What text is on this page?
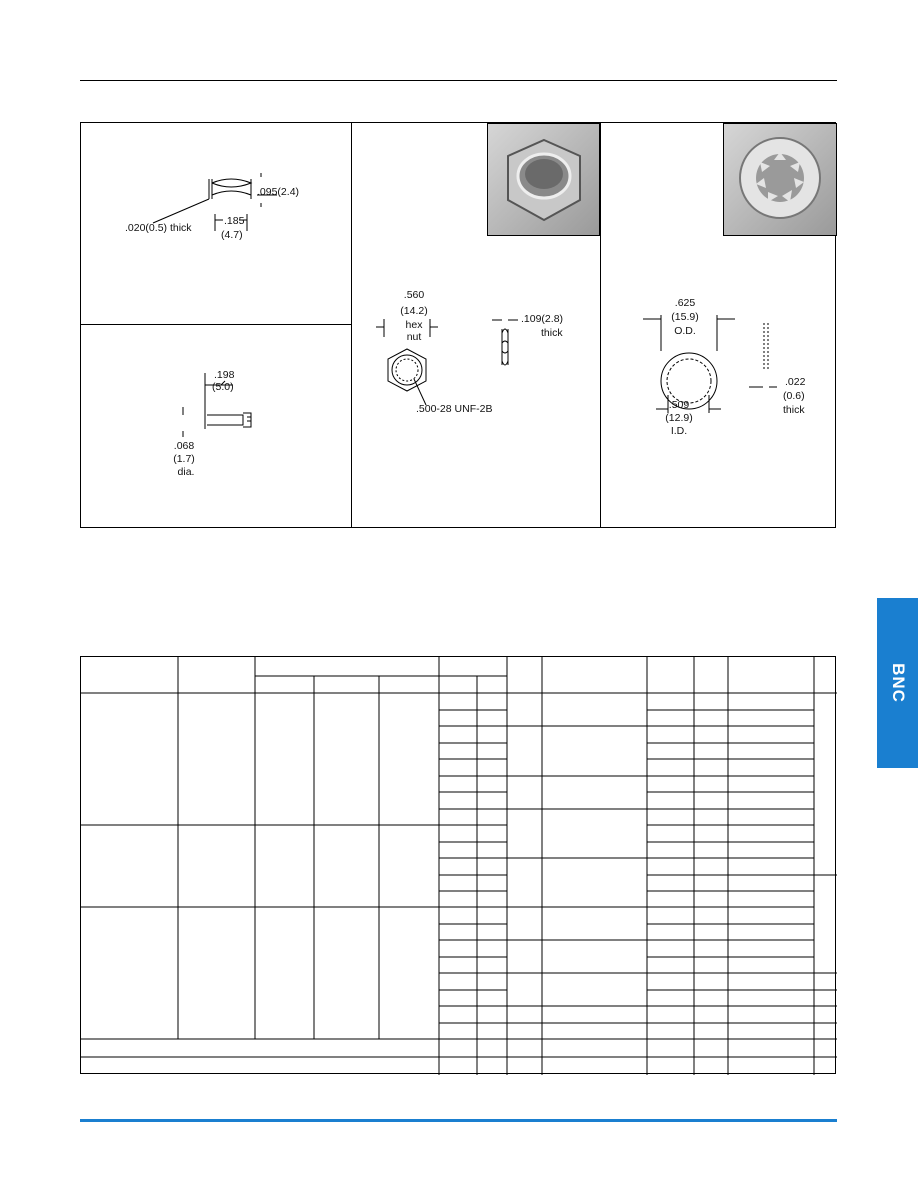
BNC
.095(2.4)
.020(0.5) thick
.185
(4.7)
.198
(5.0)
.068
(1.7)
dia.
.560
(14.2)
hex
nut
.109(2.8)
thick
.500-28 UNF-2B
.625
(15.9)
O.D.
.509
(12.9)
I.D.
.022
(0.6)
thick
